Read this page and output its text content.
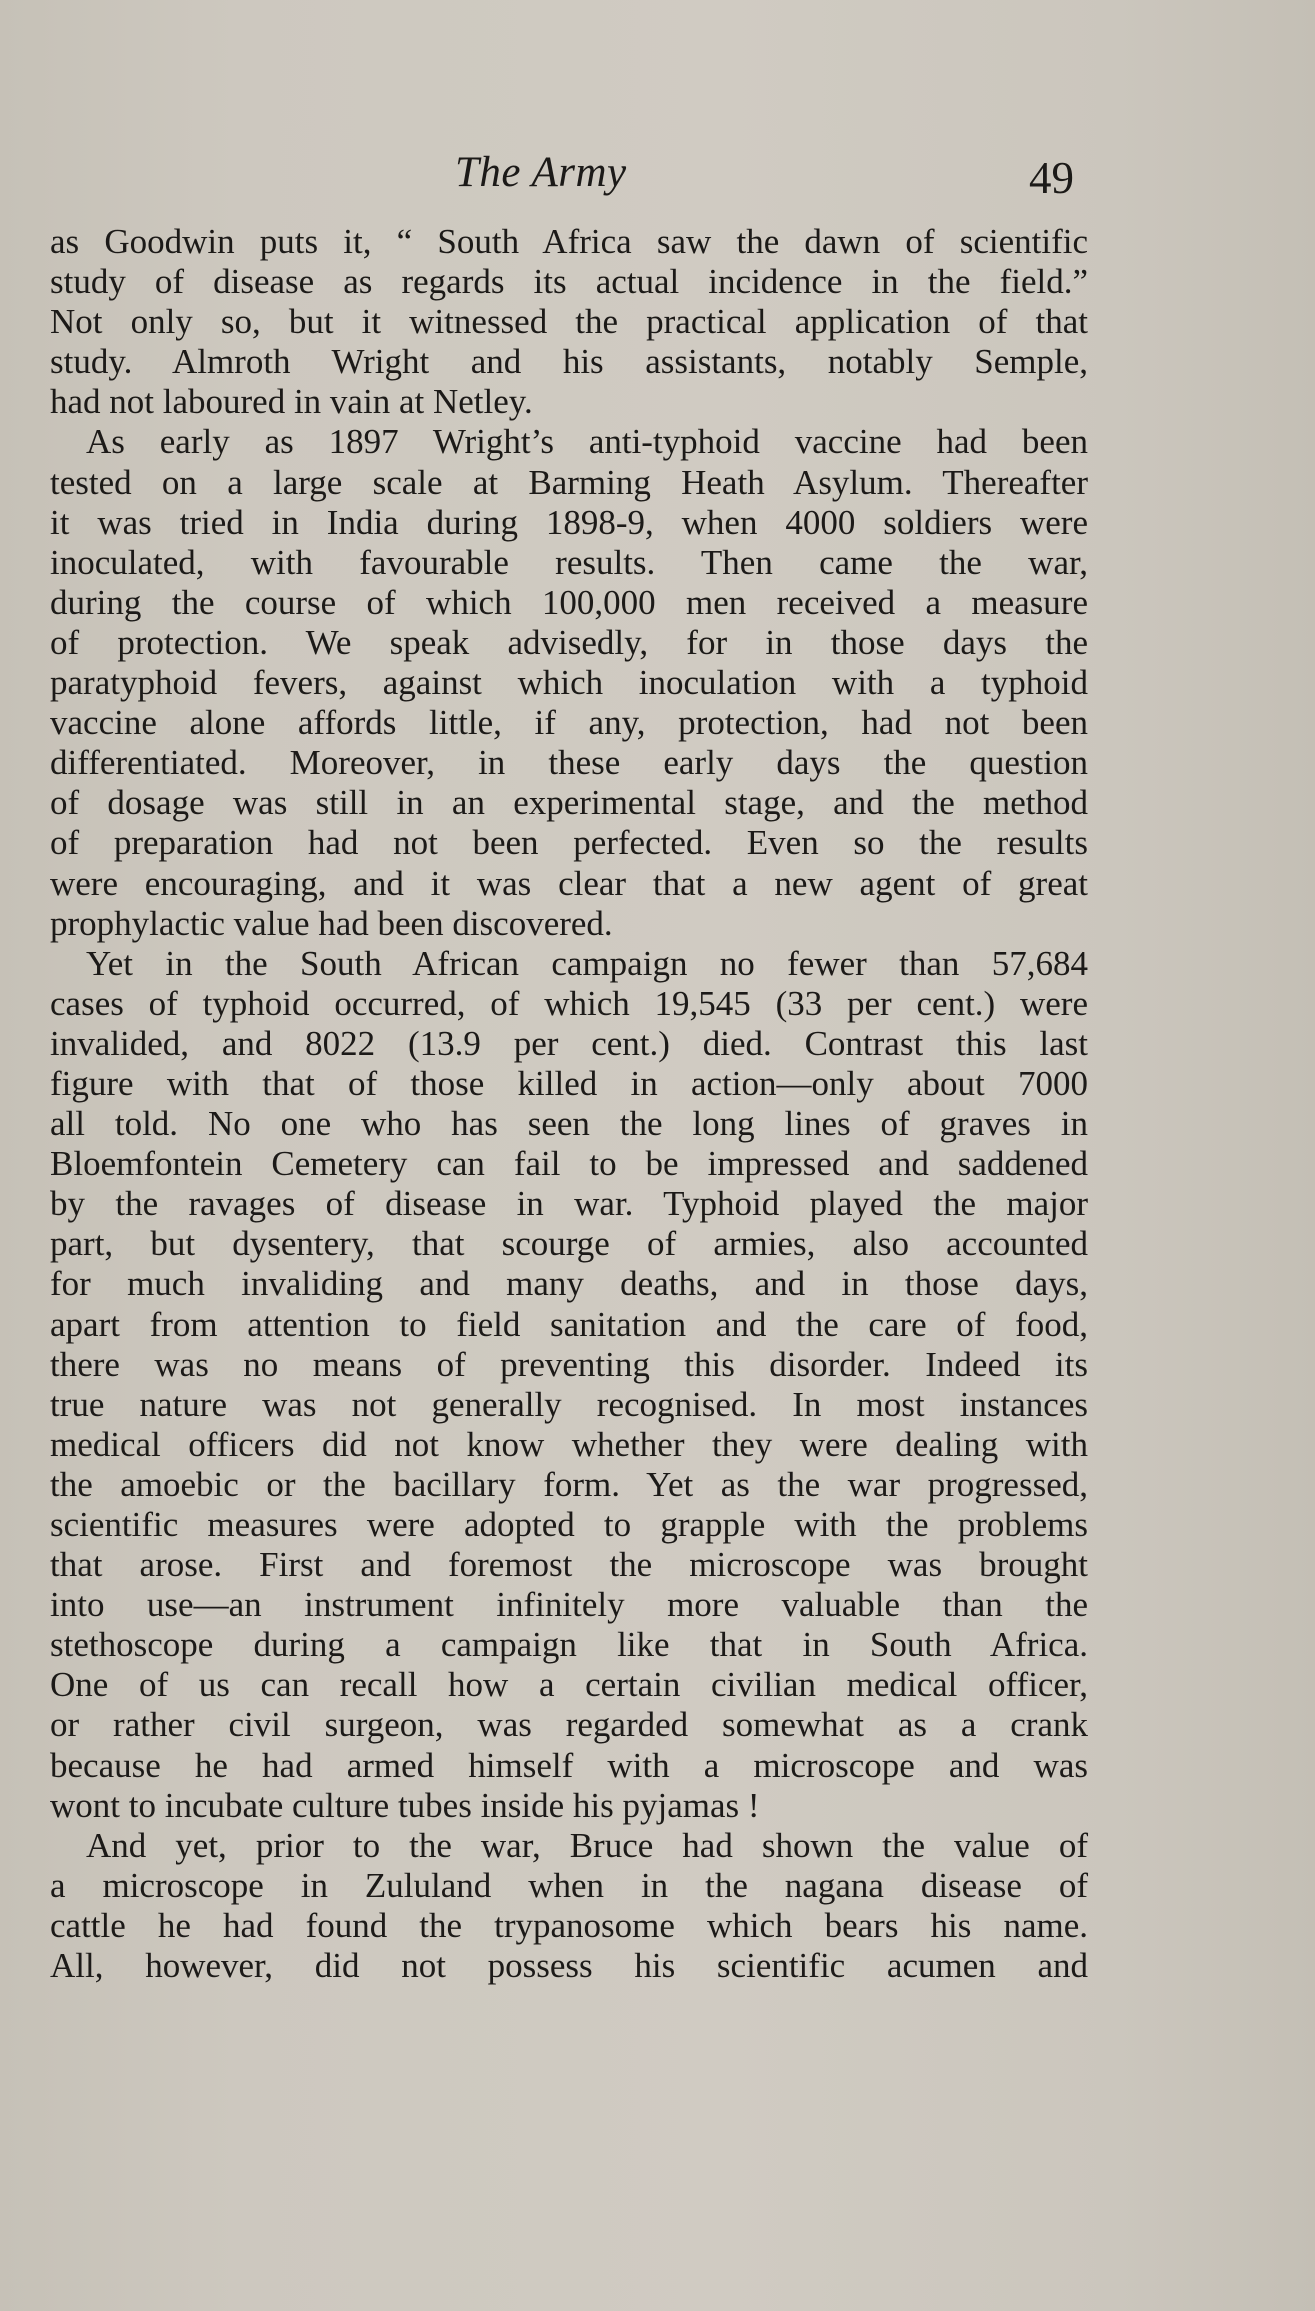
The Army	49
as Goodwin puts it, “ South Africa saw the dawn of scientific
study of disease as regards its actual incidence in the field.”
Not only so, but it witnessed the practical application of that
study. Almroth Wright and his assistants, notably Semple,
had not laboured in vain at Netley.
As early as 1897 Wright’s anti-typhoid vaccine had been
tested on a large scale at Barming Heath Asylum. Thereafter
it was tried in India during 1898-9, when 4000 soldiers were
inoculated, with favourable results. Then came the war,
during the course of which 100,000 men received a measure
of protection. We speak advisedly, for in those days the
paratyphoid fevers, against which inoculation with a typhoid
vaccine alone affords little, if any, protection, had not been
differentiated. Moreover, in these early days the question
of dosage was still in an experimental stage, and the method
of preparation had not been perfected. Even so the results
were encouraging, and it was clear that a new agent of great
prophylactic value had been discovered.
Yet in the South African campaign no fewer than 57,684
cases of typhoid occurred, of which 19,545 (33 per cent.) were
invalided, and 8022 (13.9 per cent.) died. Contrast this last
figure with that of those killed in action—only about 7000
all told. No one who has seen the long lines of graves in
Bloemfontein Cemetery can fail to be impressed and saddened
by the ravages of disease in war. Typhoid played the major
part, but dysentery, that scourge of armies, also accounted
for much invaliding and many deaths, and in those days,
apart from attention to field sanitation and the care of food,
there was no means of preventing this disorder. Indeed its
true nature was not generally recognised. In most instances
medical officers did not know whether they were dealing with
the amoebic or the bacillary form. Yet as the war progressed,
scientific measures were adopted to grapple with the problems
that arose. First and foremost the microscope was brought
into use—an instrument infinitely more valuable than the
stethoscope during a campaign like that in South Africa.
One of us can recall how a certain civilian medical officer,
or rather civil surgeon, was regarded somewhat as a crank
because he had armed himself with a microscope and was
wont to incubate culture tubes inside his pyjamas !
And yet, prior to the war, Bruce had shown the value of
a microscope in Zululand when in the nagana disease of
cattle he had found the trypanosome which bears his name.
All, however, did not possess his scientific acumen and
